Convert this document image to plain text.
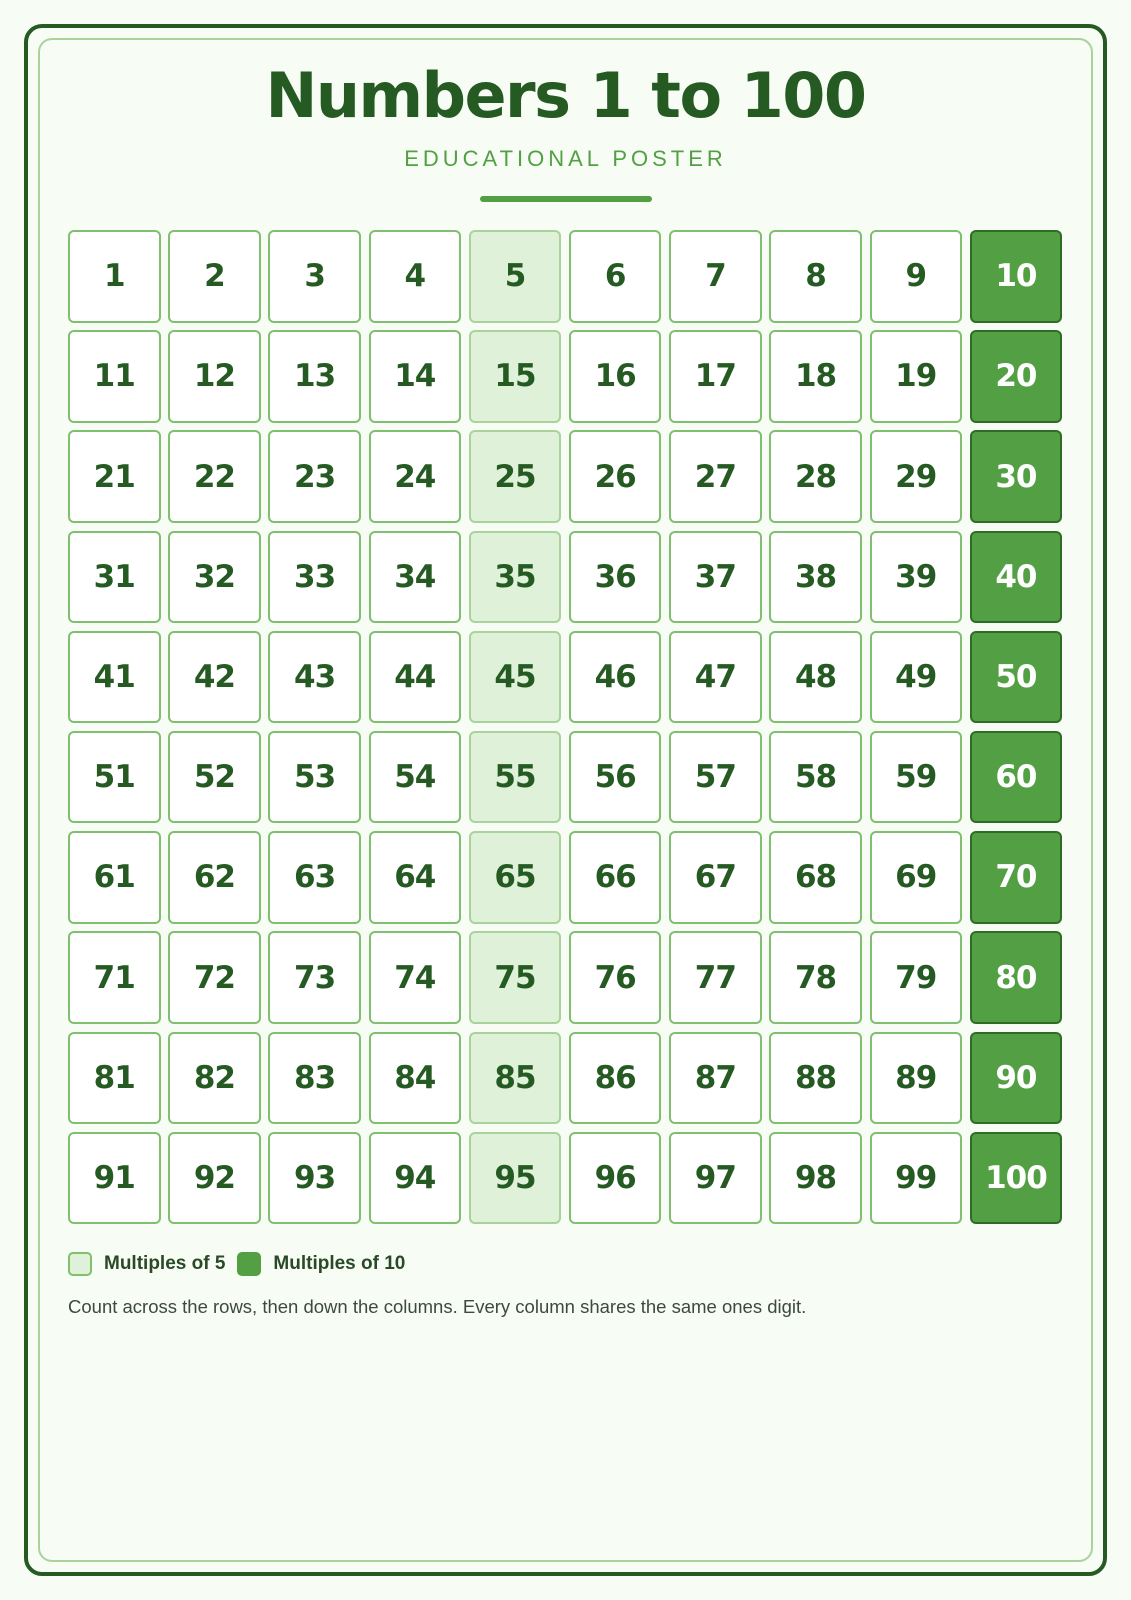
Numbers 1 to 100
EDUCATIONAL POSTER
1	2	3	4	5	6	7	8	9	10
11	12	13	14	15	16	17	18	19	20
21	22	23	24	25	26	27	28	29	30
31	32	33	34	35	36	37	38	39	40
41	42	43	44	45	46	47	48	49	50
51	52	53	54	55	56	57	58	59	60
61	62	63	64	65	66	67	68	69	70
71	72	73	74	75	76	77	78	79	80
81	82	83	84	85	86	87	88	89	90
91	92	93	94	95	96	97	98	99	100
Multiples of 5	Multiples of 10
Count across the rows, then down the columns. Every column shares the same ones digit.
